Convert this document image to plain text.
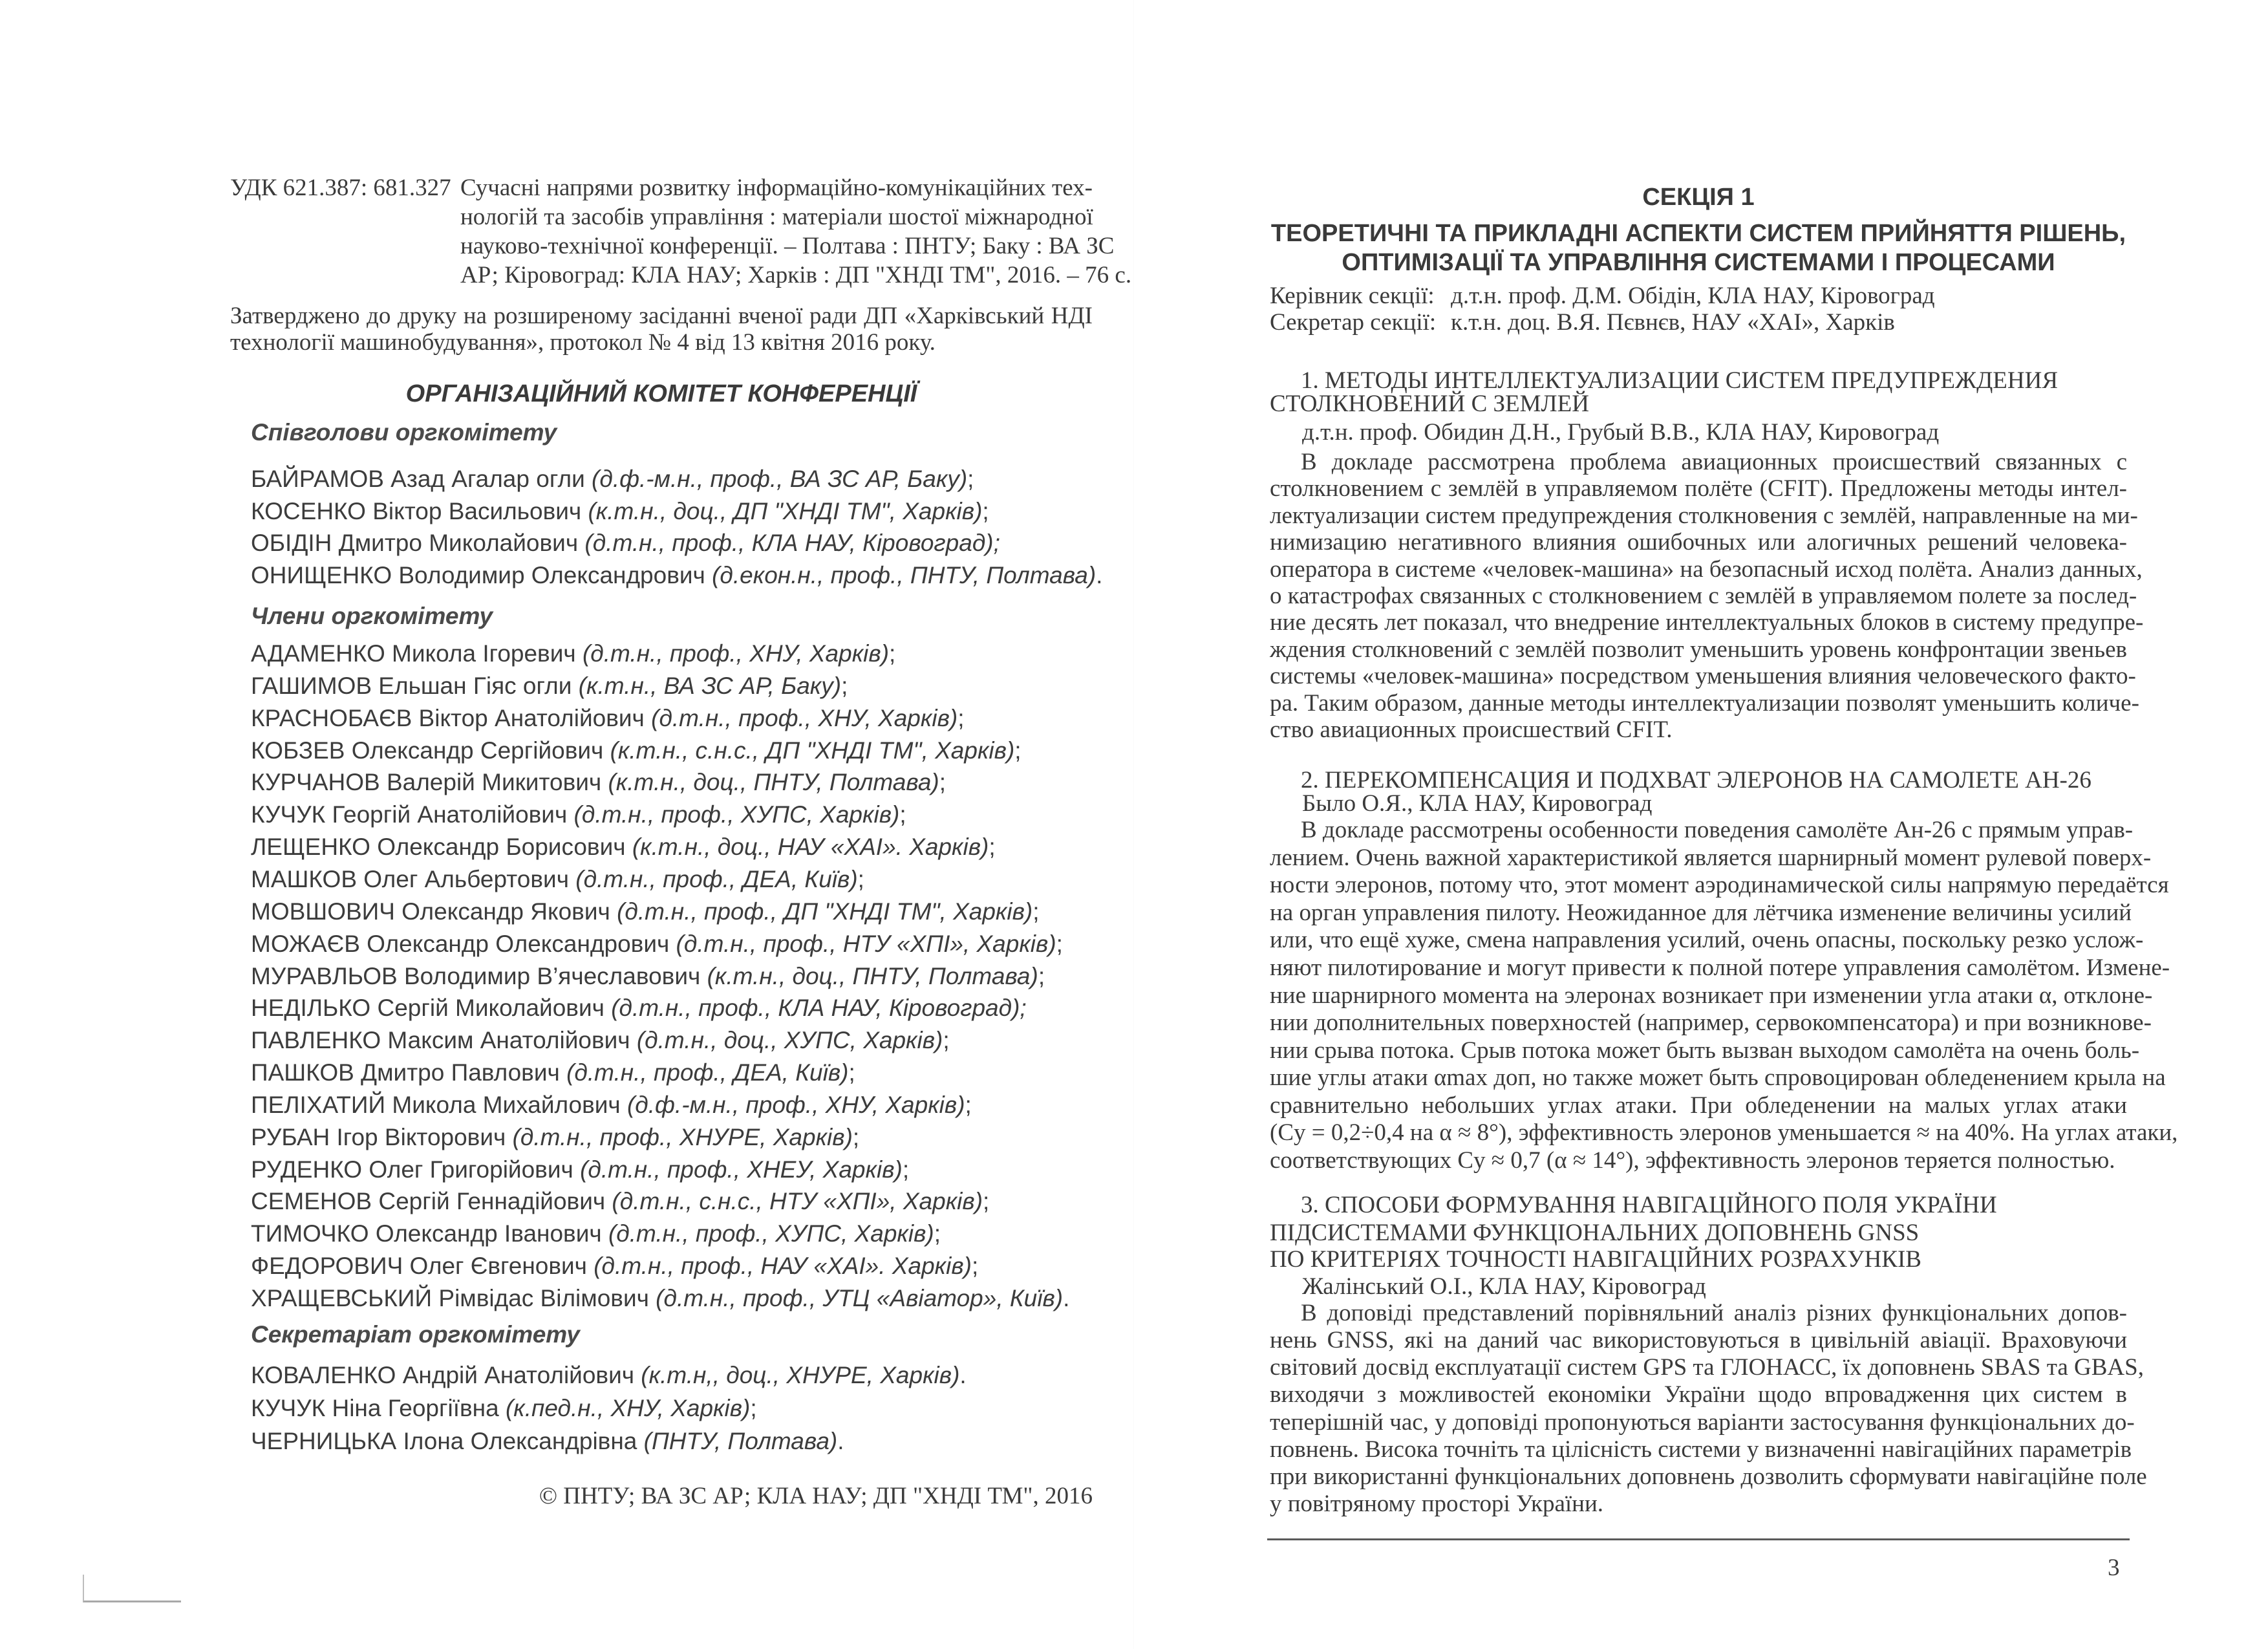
УДК 621.387: 681.327 Сучасні напрями розвитку інформаційно-комунікаційних тех-
нологій та засобів управління : матеріали шостої міжнародної
науково-технічної конференції. – Полтава : ПНТУ; Баку : ВА ЗС
АР; Кіровоград: КЛА НАУ; Харків : ДП "ХНДІ ТМ", 2016. – 76 с.
Затверджено до друку на розширеному засіданні вченої ради ДП «Харківський НДІ
технології машинобудування», протокол № 4 від 13 квітня 2016 року.
ОРГАНІЗАЦІЙНИЙ КОМІТЕТ КОНФЕРЕНЦІЇ
Співголови оргкомітету
БАЙРАМОВ Азад Агалар огли (д.ф.-м.н., проф., ВА ЗС АР, Баку);
КОСЕНКО Віктор Васильович (к.т.н., доц., ДП "ХНДІ ТМ", Харків);
ОБІДІН Дмитро Миколайович (д.т.н., проф., КЛА НАУ, Кіровоград);
ОНИЩЕНКО Володимир Олександрович (д.екон.н., проф., ПНТУ, Полтава).
Члени оргкомітету
АДАМЕНКО Микола Ігоревич (д.т.н., проф., ХНУ, Харків);
ГАШИМОВ Ельшан Гіяс огли (к.т.н., ВА ЗС АР, Баку);
КРАСНОБАЄВ Віктор Анатолійович (д.т.н., проф., ХНУ, Харків);
КОБЗЕВ Олександр Сергійович (к.т.н., с.н.с., ДП "ХНДІ ТМ", Харків);
КУРЧАНОВ Валерій Микитович (к.т.н., доц., ПНТУ, Полтава);
КУЧУК Георгій Анатолійович (д.т.н., проф., ХУПС, Харків);
ЛЕЩЕНКО Олександр Борисович (к.т.н., доц., НАУ «ХАІ». Харків);
МАШКОВ Олег Альбертович (д.т.н., проф., ДЕА, Київ);
МОВШОВИЧ Олександр Якович (д.т.н., проф., ДП "ХНДІ ТМ", Харків);
МОЖАЄВ Олександр Олександрович (д.т.н., проф., НТУ «ХПІ», Харків);
МУРАВЛЬОВ Володимир В’ячеславович (к.т.н., доц., ПНТУ, Полтава);
НЕДІЛЬКО Сергій Миколайович (д.т.н., проф., КЛА НАУ, Кіровоград);
ПАВЛЕНКО Максим Анатолійович (д.т.н., доц., ХУПС, Харків);
ПАШКОВ Дмитро Павлович (д.т.н., проф., ДЕА, Київ);
ПЕЛІХАТИЙ Микола Михайлович (д.ф.-м.н., проф., ХНУ, Харків);
РУБАН Ігор Вікторович (д.т.н., проф., ХНУРЕ, Харків);
РУДЕНКО Олег Григорійович (д.т.н., проф., ХНЕУ, Харків);
СЕМЕНОВ Сергій Геннадійович (д.т.н., с.н.с., НТУ «ХПІ», Харків);
ТИМОЧКО Олександр Іванович (д.т.н., проф., ХУПС, Харків);
ФЕДОРОВИЧ Олег Євгенович (д.т.н., проф., НАУ «ХАІ». Харків);
ХРАЩЕВСЬКИЙ Рімвідас Вілімович (д.т.н., проф., УТЦ «Авіатор», Київ).
Секретаріат оргкомітету
КОВАЛЕНКО Андрій Анатолійович (к.т.н,, доц., ХНУРЕ, Харків).
КУЧУК Ніна Георгіївна (к.пед.н., ХНУ, Харків);
ЧЕРНИЦЬКА Ілона Олександрівна (ПНТУ, Полтава).
© ПНТУ; ВА ЗС АР; КЛА НАУ; ДП "ХНДІ ТМ", 2016
СЕКЦІЯ 1
ТЕОРЕТИЧНІ ТА ПРИКЛАДНІ АСПЕКТИ СИСТЕМ ПРИЙНЯТТЯ РІШЕНЬ,
ОПТИМІЗАЦІЇ ТА УПРАВЛІННЯ СИСТЕМАМИ І ПРОЦЕСАМИ
Керівник секції: д.т.н. проф. Д.М. Обідін, КЛА НАУ, Кіровоград
Секретар секції: к.т.н. доц. В.Я. Пєвнєв, НАУ «ХАІ», Харків
1. МЕТОДЫ ИНТЕЛЛЕКТУАЛИЗАЦИИ СИСТЕМ ПРЕДУПРЕЖДЕНИЯ
СТОЛКНОВЕНИЙ С ЗЕМЛЕЙ
д.т.н. проф. Обидин Д.Н., Грубый В.В., КЛА НАУ, Кировоград
В докладе рассмотрена проблема авиационных происшествий связанных с
столкновением с землёй в управляемом полёте (CFIT). Предложены методы интел-
лектуализации систем предупреждения столкновения с землёй, направленные на ми-
нимизацию негативного влияния ошибочных или алогичных решений человека-
оператора в системе «человек-машина» на безопасный исход полёта. Анализ данных,
о катастрофах связанных с столкновением с землёй в управляемом полете за послед-
ние десять лет показал, что внедрение интеллектуальных блоков в систему предупре-
ждения столкновений с землёй позволит уменьшить уровень конфронтации звеньев
системы «человек-машина» посредством уменьшения влияния человеческого факто-
ра. Таким образом, данные методы интеллектуализации позволят уменьшить количе-
ство авиационных происшествий CFIT.
2. ПЕРЕКОМПЕНСАЦИЯ И ПОДХВАТ ЭЛЕРОНОВ НА САМОЛЕТЕ АН-26
Было О.Я., КЛА НАУ, Кировоград
В докладе рассмотрены особенности поведения самолёте Ан-26 с прямым управ-
лением. Очень важной характеристикой является шарнирный момент рулевой поверх-
ности элеронов, потому что, этот момент аэродинамической силы напрямую передаётся
на орган управления пилоту. Неожиданное для лётчика изменение величины усилий
или, что ещё хуже, смена направления усилий, очень опасны, поскольку резко услож-
няют пилотирование и могут привести к полной потере управления самолётом. Измене-
ние шарнирного момента на элеронах возникает при изменении угла атаки α, отклоне-
нии дополнительных поверхностей (например, сервокомпенсатора) и при возникнове-
нии срыва потока. Срыв потока может быть вызван выходом самолёта на очень боль-
шие углы атаки αmax доп, но также может быть спровоцирован обледенением крыла на
сравнительно небольших углах атаки. При обледенении на малых углах атаки
(Cy = 0,2÷0,4 на α ≈ 8°), эффективность элеронов уменьшается ≈ на 40%. На углах атаки,
соответствующих Cy ≈ 0,7 (α ≈ 14°), эффективность элеронов теряется полностью.
3. СПОСОБИ ФОРМУВАННЯ НАВІГАЦІЙНОГО ПОЛЯ УКРАЇНИ
ПІДСИСТЕМАМИ ФУНКЦІОНАЛЬНИХ ДОПОВНЕНЬ GNSS
ПО КРИТЕРІЯХ ТОЧНОСТІ НАВІГАЦІЙНИХ РОЗРАХУНКІВ
Жалінський О.І., КЛА НАУ, Кіровоград
В доповіді представлений порівняльний аналіз різних функціональних допов-
нень GNSS, які на даний час використовуються в цивільній авіації. Враховуючи
світовий досвід експлуатації систем GPS та ГЛОНАСС, їх доповнень SBAS та GBAS,
виходячи з можливостей економіки України щодо впровадження цих систем в
теперішній час, у доповіді пропонуються варіанти застосування функціональних до-
повнень. Висока точніть та цілісність системи у визначенні навігаційних параметрів
при використанні функціональних доповнень дозволить сформувати навігаційне поле
у повітряному просторі України.
3
